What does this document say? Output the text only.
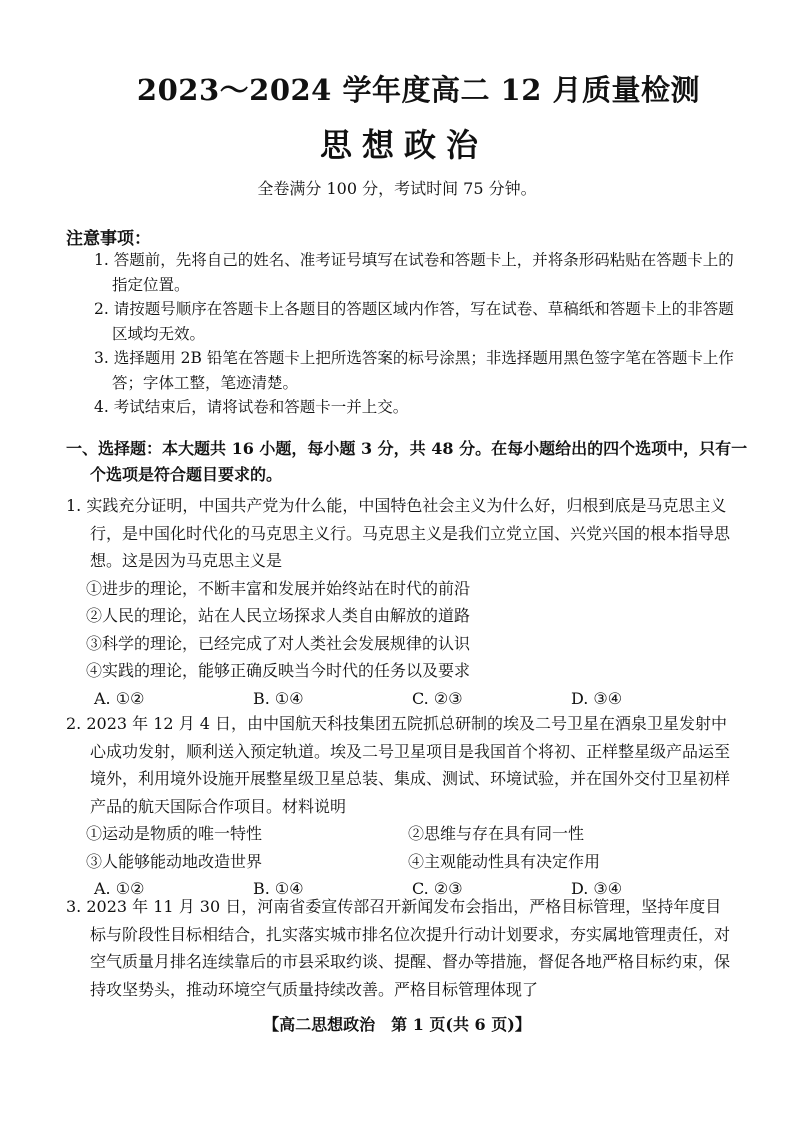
2023～2024 学年度高二 12 月质量检测
思想政治
全卷满分 100 分，考试时间 75 分钟。
注意事项：

1. 答题前，先将自己的姓名、准考证号填写在试卷和答题卡上，并将条形码粘贴在答题卡上的指定位置。

2. 请按题号顺序在答题卡上各题目的答题区域内作答，写在试卷、草稿纸和答题卡上的非答题区域均无效。

3. 选择题用 2B 铅笔在答题卡上把所选答案的标号涂黑；非选择题用黑色签字笔在答题卡上作答；字体工整，笔迹清楚。

4. 考试结束后，请将试卷和答题卡一并上交。

一、选择题：本大题共 16 小题，每小题 3 分，共 48 分。在每小题给出的四个选项中，只有一个选项是符合题目要求的。

1. 实践充分证明，中国共产党为什么能，中国特色社会主义为什么好，归根到底是马克思主义行，是中国化时代化的马克思主义行。马克思主义是我们立党立国、兴党兴国的根本指导思想。这是因为马克思主义是

①进步的理论，不断丰富和发展并始终站在时代的前沿

②人民的理论，站在人民立场探求人类自由解放的道路

③科学的理论，已经完成了对人类社会发展规律的认识

④实践的理论，能够正确反映当今时代的任务以及要求

A. ①②	B. ①④	C. ②③	D. ③④

2. 2023 年 12 月 4 日，由中国航天科技集团五院抓总研制的埃及二号卫星在酒泉卫星发射中心成功发射，顺利送入预定轨道。埃及二号卫星项目是我国首个将初、正样整星级产品运至境外，利用境外设施开展整星级卫星总装、集成、测试、环境试验，并在国外交付卫星初样产品的航天国际合作项目。材料说明

①运动是物质的唯一特性	②思维与存在具有同一性
③人能够能动地改造世界	④主观能动性具有决定作用

A. ①②	B. ①④	C. ②③	D. ③④

3. 2023 年 11 月 30 日，河南省委宣传部召开新闻发布会指出，严格目标管理，坚持年度目标与阶段性目标相结合，扎实落实城市排名位次提升行动计划要求，夯实属地管理责任，对空气质量月排名连续靠后的市县采取约谈、提醒、督办等措施，督促各地严格目标约束，保持攻坚势头，推动环境空气质量持续改善。严格目标管理体现了

【高二思想政治　第 1 页(共 6 页)】
